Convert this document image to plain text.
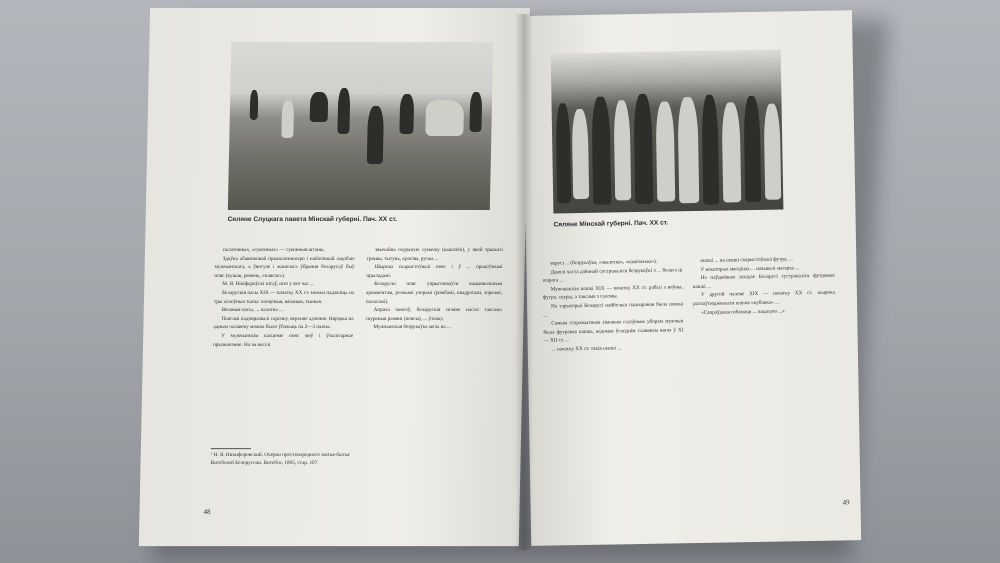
Сяляне Слуцкага павета Мінскай губерні. Пач. XX ст.

палатняных, «суконных» — суконныя штаны.

Здаўна абавязковай прыналежнасцю і найлепшай аздобаю мужчынскага, а ўвогуле і жаночага ўбрання беларусаў быў пояс (кушак, ремень, «паясок»).

М. Я. Нікіфароўскі пісаў, што у яго час ...

Беларускія пасы XIX — пачатку XX ст. можна падзяліць на тры асноўныя тыпы: плеценыя, вязаныя, тканыя.

Вязаныя пасы, ... палатна ...

Паясамі падпяразвалі сарочку, верхняе адзенне. Нярэдка на адным чалавеку можна было ўбачыць па 2—3 паясы.

У мужчынскім касцюме пояс меў і ўтылітарнае прызначэнне. На ім насілі

¹ Н. Я. Никифоровский. Очерки простонародного житья-бытья Витебской Белоруссии. Витебск, 1895, стар. 107.

звычайна скураную сумачку (кашэлёк), у якой трымалі грошы, тытунь, крэсіва, ручка ...

Шырока скарыстоўвалі пояс і ў ... працоўнымі прыладамі.

Беларускі пояс упрыгожваўся нацыянальным арнаментам, рознымі узорамі (ромбамі, квадратамі, зоркамі, паласамі).

Апрача паясоў, беларускія сяляне насілі таксама скураныя рамяні (поясы), ... ўзімку.

Мужчынская безрукаўка мела на ...

48
Сяляне Мінскай губерні. Пач. XX ст.

варусі ... (безрукаўка, «жылетка», «камізэлька»).

Даволі часта дзённай сустракаліся безрукаўкі з ... белага ці шэрага ...

Мужчынскія шапкі XIX — пачатку XX ст. рабілі з воўны, футра, скуры, а таксама з саломы.

На тэрыторыі Беларусі найбольш пашыраная была шапка ...

Самым старажытным зімовым галаўным уборам мужчын была футравая шапка, ведомая ўсходнім славянам яшчэ ў XI — XII ст. ...

... пачатку XX ст. такія шапкі ...

шапкі ... на шапкі скарыстоўвалі футра, ...

У некаторых мясцінах ... называлі магерка ...

На паўднёвым захадзе Беларусі сустракаліся футравыя шапкі ...

У другой палове XIX — пачатку XX ст. шырока распаўсюджвалася шапка-«кубанка» ...

«Сапраўдная габамаця ... пацалую ...»

49
